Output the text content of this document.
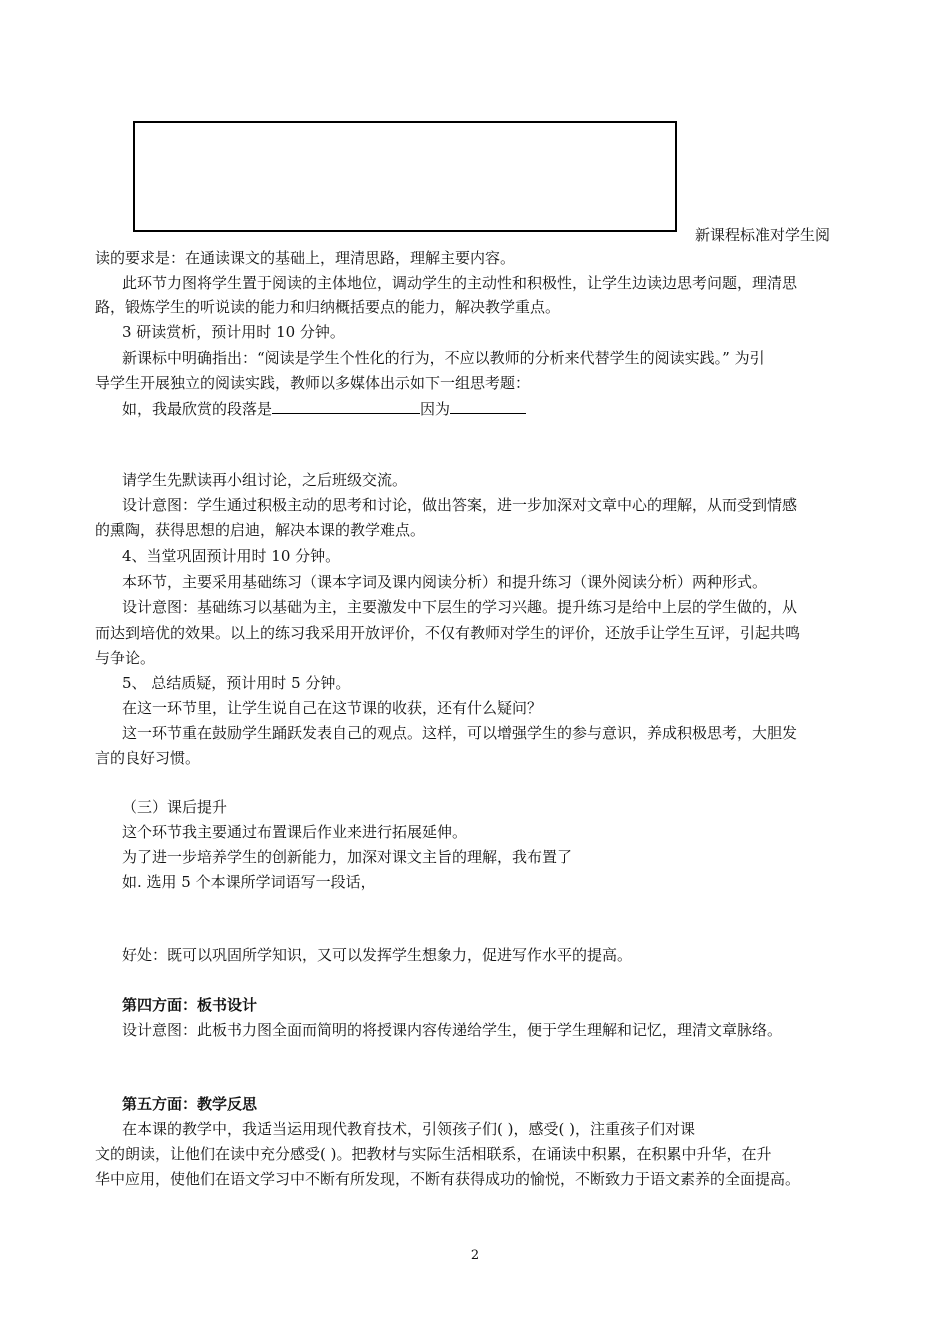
新课程标准对学生阅
读的要求是：在通读课文的基础上，理清思路，理解主要内容。
此环节力图将学生置于阅读的主体地位，调动学生的主动性和积极性，让学生边读边思考问题，理清思
路，锻炼学生的听说读的能力和归纳概括要点的能力，解决教学重点。
3 研读赏析，预计用时 10 分钟。
新课标中明确指出：“阅读是学生个性化的行为，不应以教师的分析来代替学生的阅读实践。” 为引
导学生开展独立的阅读实践，教师以多媒体出示如下一组思考题：
如，我最欣赏的段落是	因为
请学生先默读再小组讨论，之后班级交流。
设计意图：学生通过积极主动的思考和讨论，做出答案，进一步加深对文章中心的理解，从而受到情感
的熏陶，获得思想的启迪，解决本课的教学难点。
4、当堂巩固预计用时 10 分钟。
本环节，主要采用基础练习（课本字词及课内阅读分析）和提升练习（课外阅读分析）两种形式。
设计意图：基础练习以基础为主，主要激发中下层生的学习兴趣。提升练习是给中上层的学生做的，从
而达到培优的效果。以上的练习我采用开放评价，不仅有教师对学生的评价，还放手让学生互评，引起共鸣
与争论。
5、 总结质疑，预计用时 5 分钟。
在这一环节里，让学生说自己在这节课的收获，还有什么疑问？
这一环节重在鼓励学生踊跃发表自己的观点。这样，可以增强学生的参与意识，养成积极思考，大胆发
言的良好习惯。
（三）课后提升
这个环节我主要通过布置课后作业来进行拓展延伸。
为了进一步培养学生的创新能力，加深对课文主旨的理解，我布置了
如. 选用 5 个本课所学词语写一段话，
好处：既可以巩固所学知识，又可以发挥学生想象力，促进写作水平的提高。
第四方面：板书设计
设计意图：此板书力图全面而简明的将授课内容传递给学生，便于学生理解和记忆，理清文章脉络。
第五方面：教学反思
在本课的教学中，我适当运用现代教育技术，引领孩子们( )，感受( )，注重孩子们对课
文的朗读，让他们在读中充分感受( )。把教材与实际生活相联系，在诵读中积累，在积累中升华，在升
华中应用，使他们在语文学习中不断有所发现，不断有获得成功的愉悦，不断致力于语文素养的全面提高。
2
